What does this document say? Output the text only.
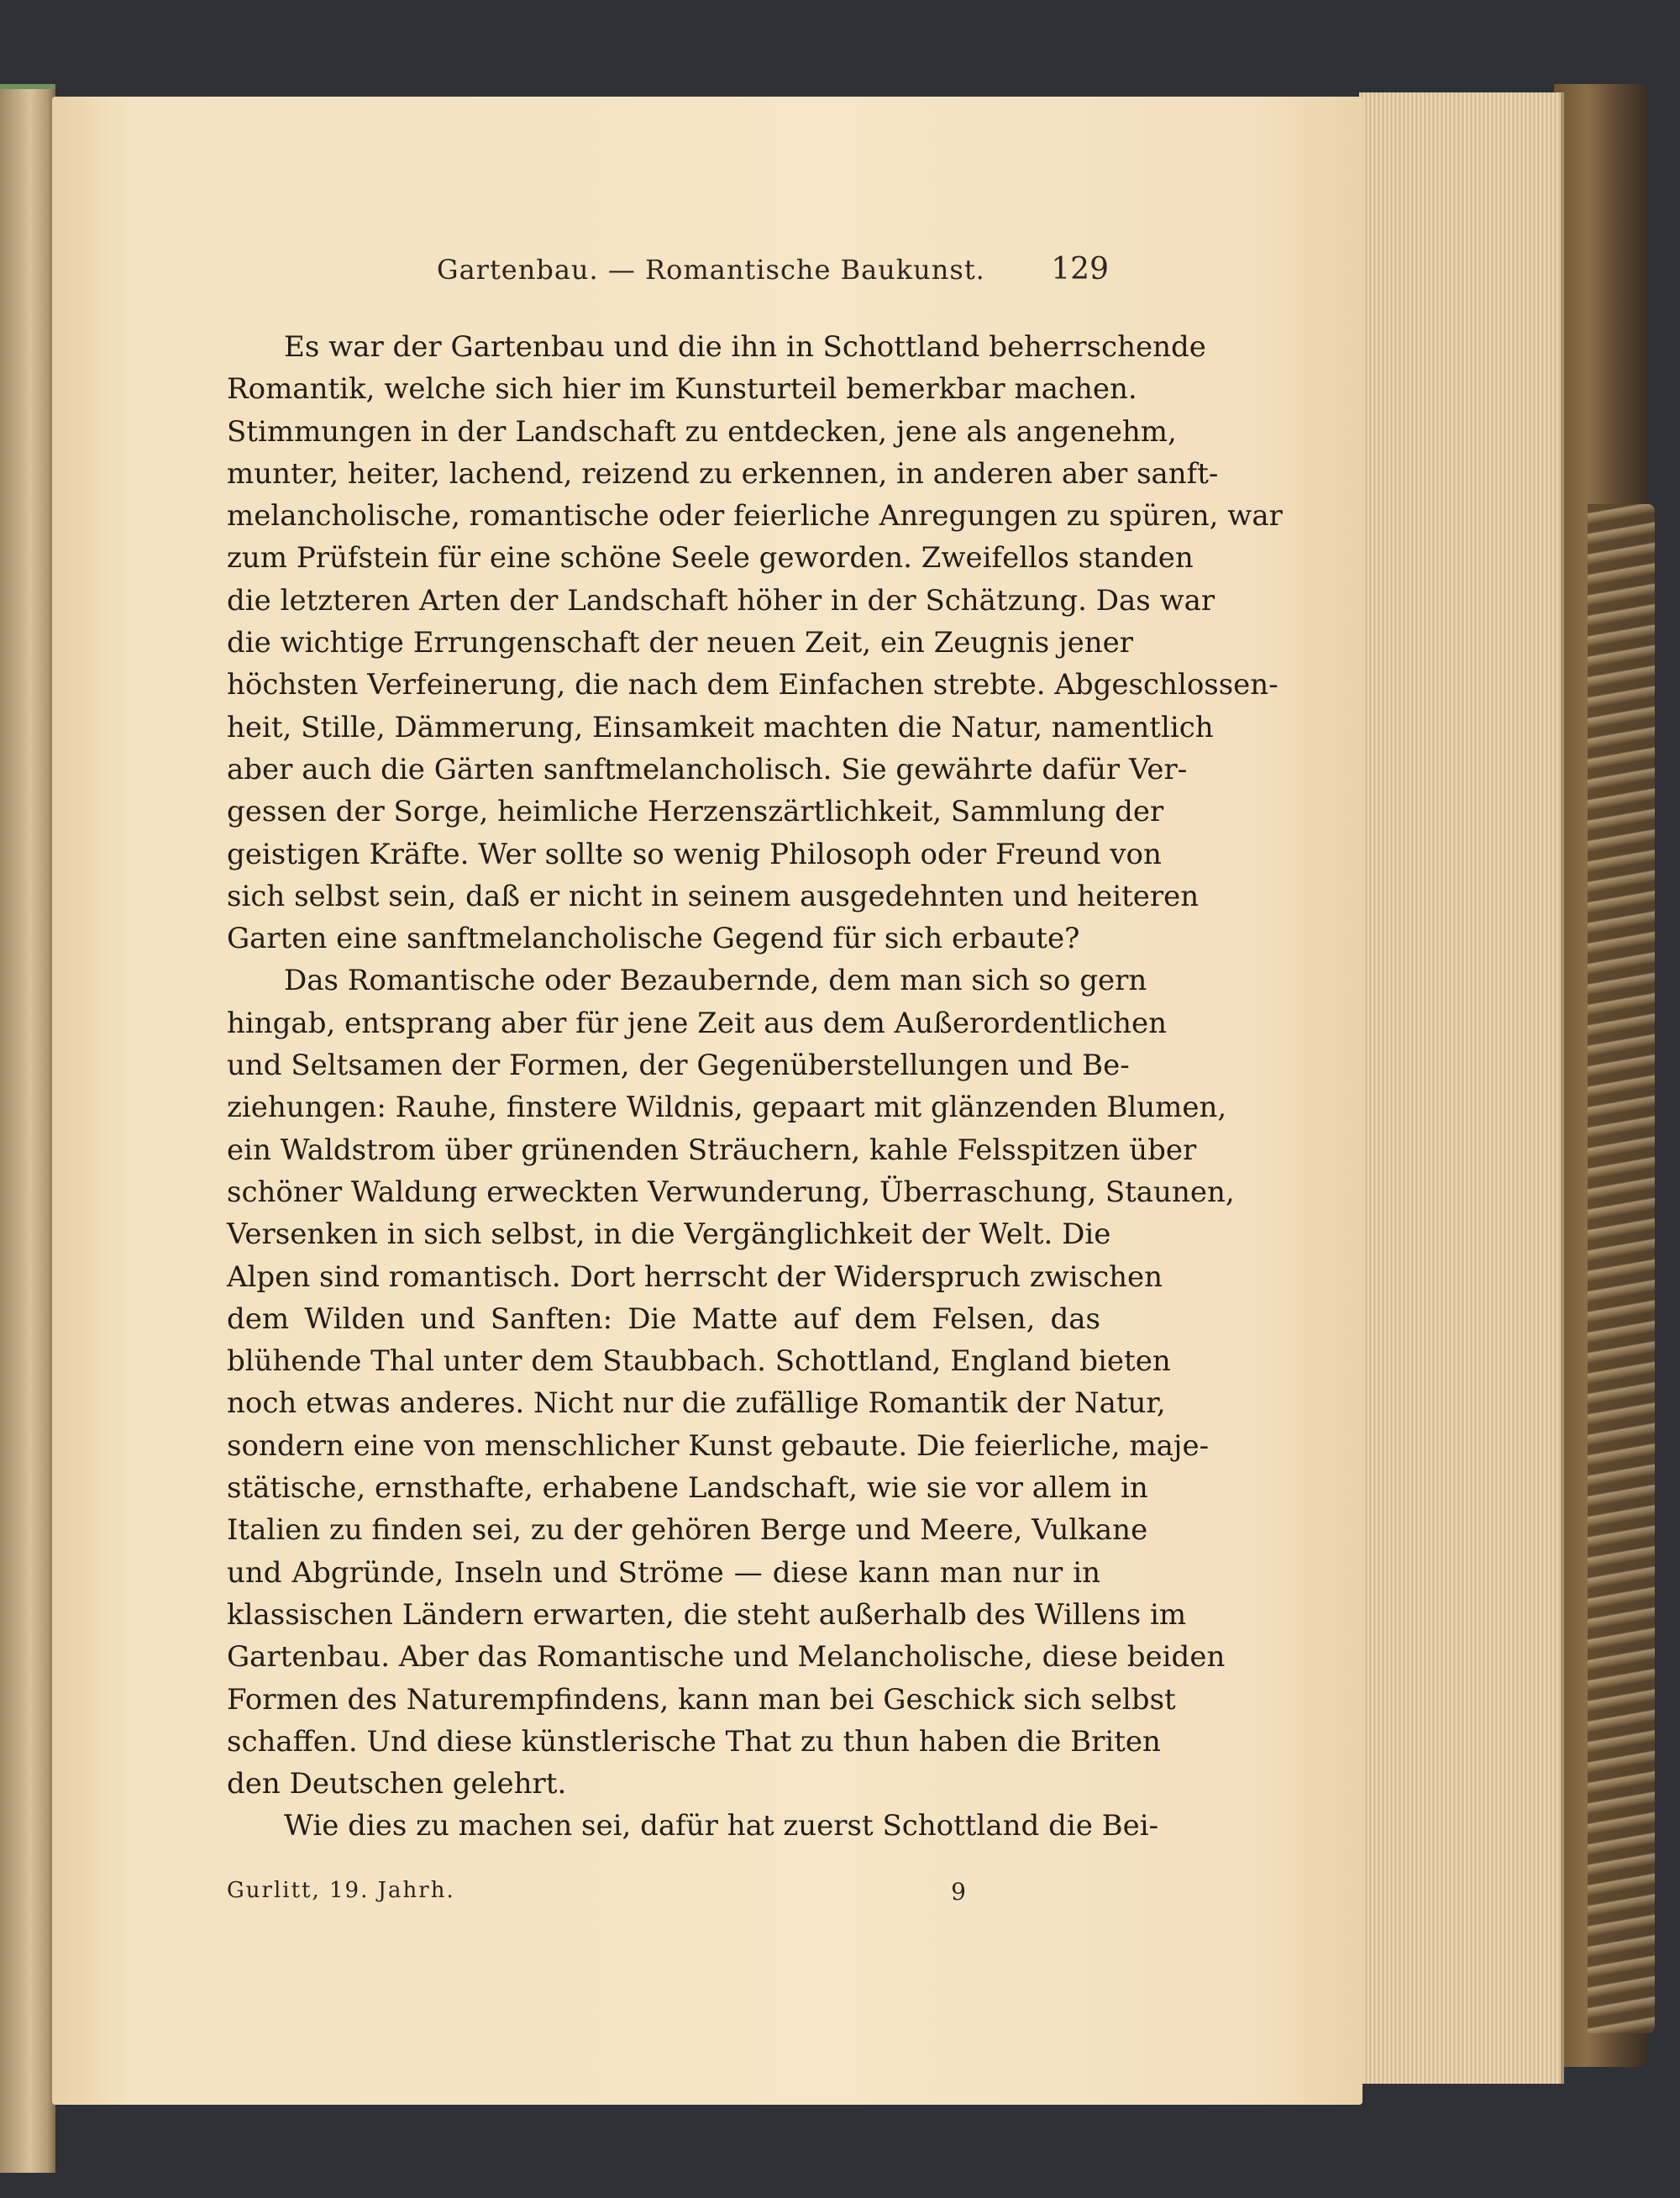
Gartenbau. — Romantische Baukunst. 129
Es war der Gartenbau und die ihn in Schottland beherrschende
Romantik, welche sich hier im Kunsturteil bemerkbar machen.
Stimmungen in der Landschaft zu entdecken, jene als angenehm,
munter, heiter, lachend, reizend zu erkennen, in anderen aber sanft-
melancholische, romantische oder feierliche Anregungen zu spüren, war
zum Prüfstein für eine schöne Seele geworden. Zweifellos standen
die letzteren Arten der Landschaft höher in der Schätzung. Das war
die wichtige Errungenschaft der neuen Zeit, ein Zeugnis jener
höchsten Verfeinerung, die nach dem Einfachen strebte. Abgeschlossen-
heit, Stille, Dämmerung, Einsamkeit machten die Natur, namentlich
aber auch die Gärten sanftmelancholisch. Sie gewährte dafür Ver-
gessen der Sorge, heimliche Herzenszärtlichkeit, Sammlung der
geistigen Kräfte. Wer sollte so wenig Philosoph oder Freund von
sich selbst sein, daß er nicht in seinem ausgedehnten und heiteren
Garten eine sanftmelancholische Gegend für sich erbaute?
Das Romantische oder Bezaubernde, dem man sich so gern
hingab, entsprang aber für jene Zeit aus dem Außerordentlichen
und Seltsamen der Formen, der Gegenüberstellungen und Be-
ziehungen: Rauhe, finstere Wildnis, gepaart mit glänzenden Blumen,
ein Waldstrom über grünenden Sträuchern, kahle Felsspitzen über
schöner Waldung erweckten Verwunderung, Überraschung, Staunen,
Versenken in sich selbst, in die Vergänglichkeit der Welt. Die
Alpen sind romantisch. Dort herrscht der Widerspruch zwischen
dem Wilden und Sanften: Die Matte auf dem Felsen, das
blühende Thal unter dem Staubbach. Schottland, England bieten
noch etwas anderes. Nicht nur die zufällige Romantik der Natur,
sondern eine von menschlicher Kunst gebaute. Die feierliche, maje-
stätische, ernsthafte, erhabene Landschaft, wie sie vor allem in
Italien zu finden sei, zu der gehören Berge und Meere, Vulkane
und Abgründe, Inseln und Ströme — diese kann man nur in
klassischen Ländern erwarten, die steht außerhalb des Willens im
Gartenbau. Aber das Romantische und Melancholische, diese beiden
Formen des Naturempfindens, kann man bei Geschick sich selbst
schaffen. Und diese künstlerische That zu thun haben die Briten
den Deutschen gelehrt.
Wie dies zu machen sei, dafür hat zuerst Schottland die Bei-
Gurlitt, 19. Jahrh.	9
